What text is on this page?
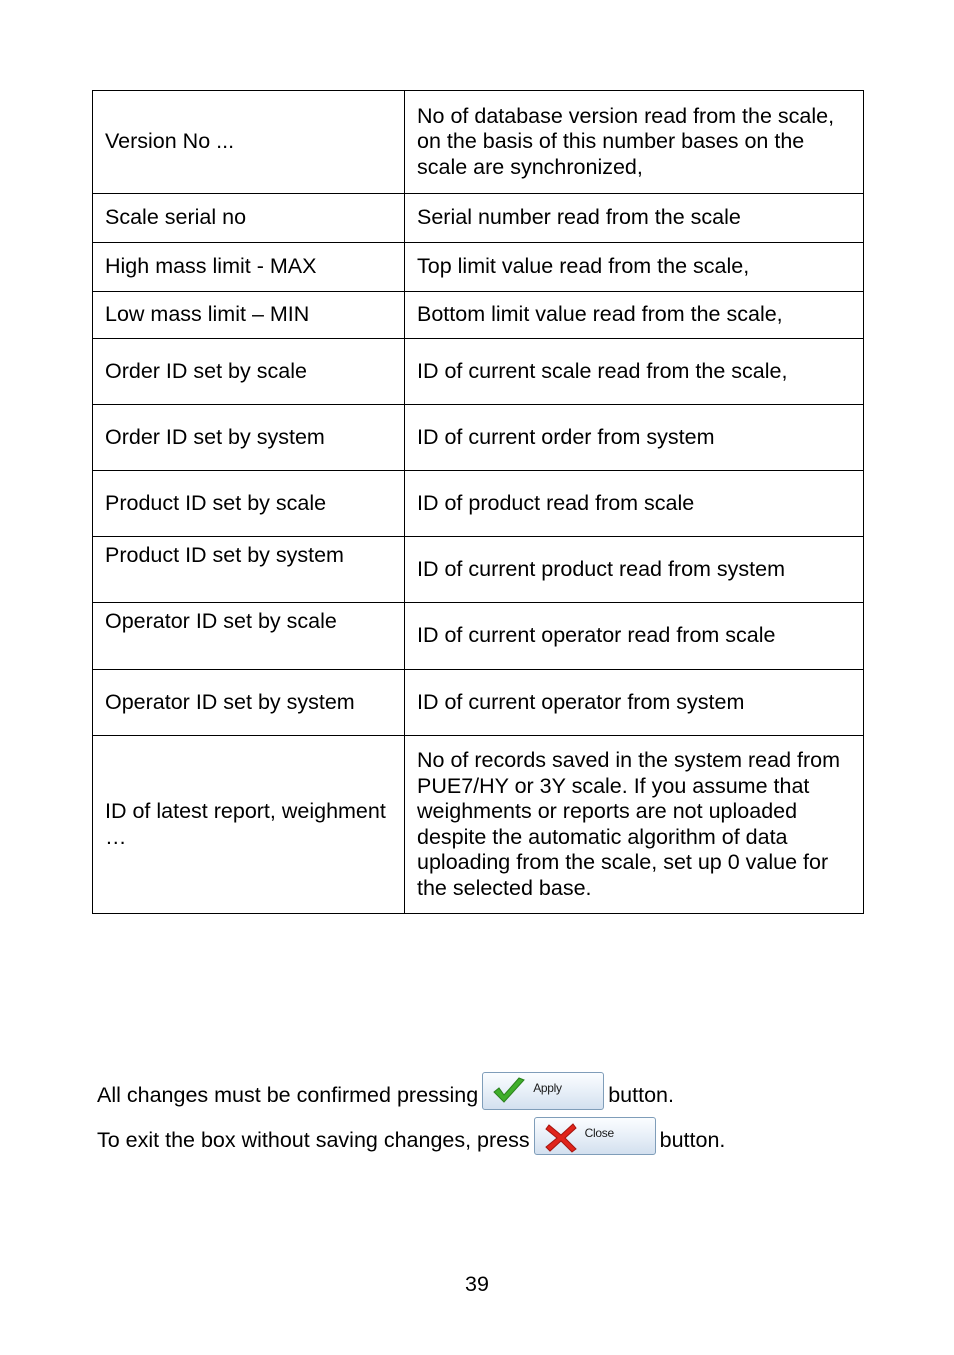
Version No ...	No of database version read from the scale, on the basis of this number bases on the scale are synchronized,
Scale serial no	Serial number read from the scale
High mass limit - MAX	Top limit value read from the scale,
Low mass limit – MIN	Bottom limit value read from the scale,
Order ID set by scale	ID of current scale read from the scale,
Order ID set by system	ID of current order from system
Product ID set by scale	ID of product read from scale
Product ID set by system	ID of current product read from system
Operator ID set by scale	ID of current operator read from scale
Operator ID set by system	ID of current operator from system
ID of latest report, weighment …	No of records saved in the system read from PUE7/HY or 3Y scale. If you assume that weighments or reports are not uploaded despite the automatic algorithm of data uploading from the scale, set up 0 value for the selected base.
All changes must be confirmed pressing	Apply button.
To exit the box without saving changes, press	Close button.
39
